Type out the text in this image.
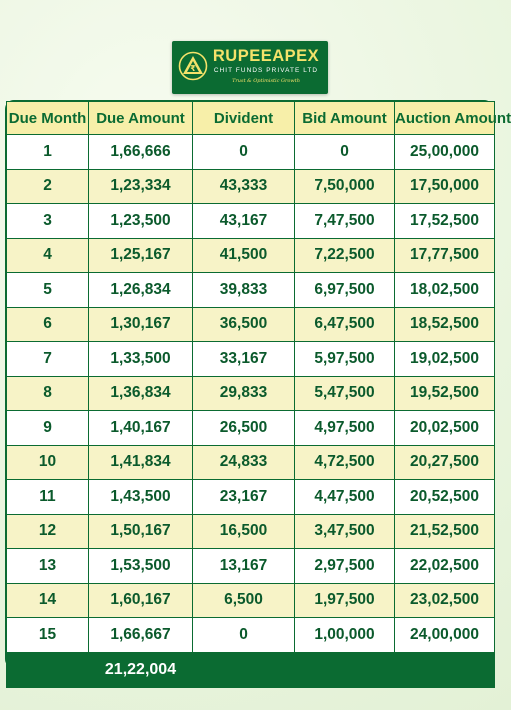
₹
RUPEEAPEX
CHIT FUNDS PRIVATE LTD
Trust & Optimistic Growth
Due Month	Due Amount	Divident	Bid Amount	Auction Amount
1	1,66,666	0	0	25,00,000
2	1,23,334	43,333	7,50,000	17,50,000
3	1,23,500	43,167	7,47,500	17,52,500
4	1,25,167	41,500	7,22,500	17,77,500
5	1,26,834	39,833	6,97,500	18,02,500
6	1,30,167	36,500	6,47,500	18,52,500
7	1,33,500	33,167	5,97,500	19,02,500
8	1,36,834	29,833	5,47,500	19,52,500
9	1,40,167	26,500	4,97,500	20,02,500
10	1,41,834	24,833	4,72,500	20,27,500
11	1,43,500	23,167	4,47,500	20,52,500
12	1,50,167	16,500	3,47,500	21,52,500
13	1,53,500	13,167	2,97,500	22,02,500
14	1,60,167	6,500	1,97,500	23,02,500
15	1,66,667	0	1,00,000	24,00,000
	21,22,004			
